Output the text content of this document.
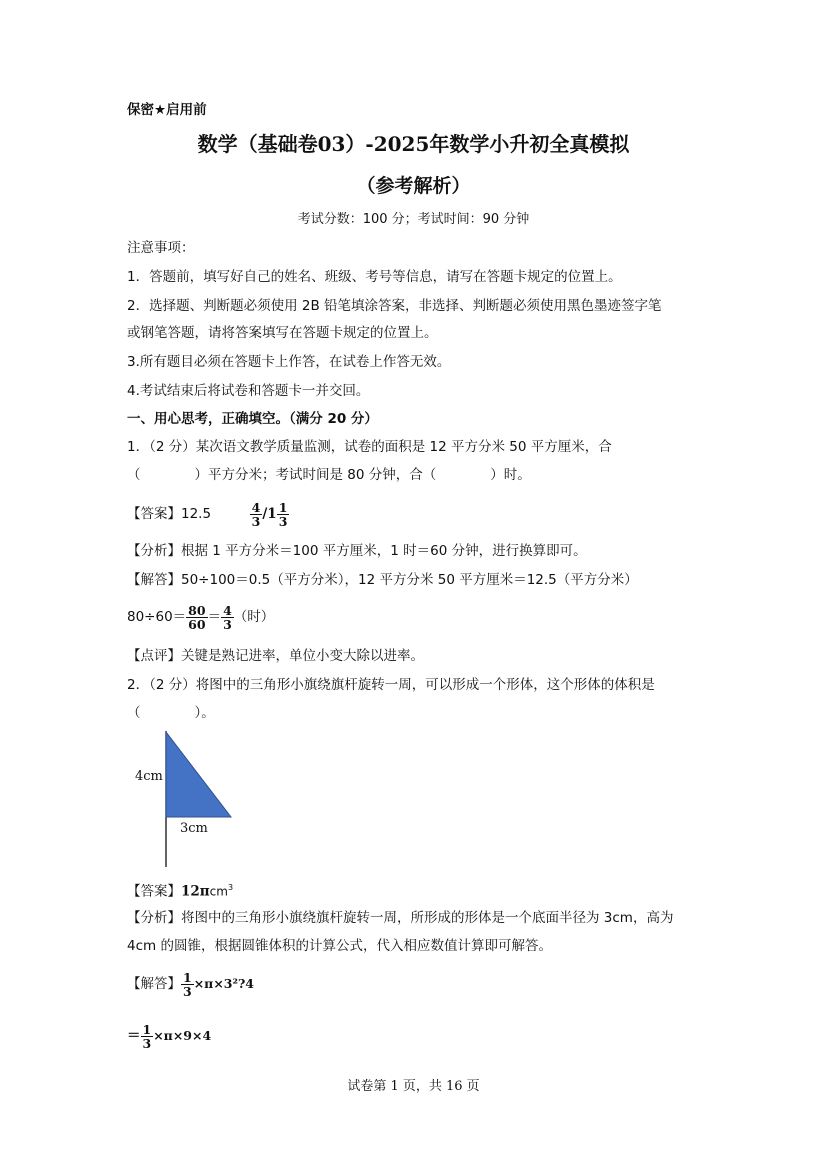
保密★启用前
数学（基础卷03）-2025年数学小升初全真模拟
（参考解析）
考试分数：100 分；考试时间：90 分钟
注意事项：
1．答题前，填写好自己的姓名、班级、考号等信息，请写在答题卡规定的位置上。
2．选择题、判断题必须使用 2B 铅笔填涂答案，非选择、判断题必须使用黑色墨迹签字笔
或钢笔答题，请将答案填写在答题卡规定的位置上。
3.所有题目必须在答题卡上作答，在试卷上作答无效。
4.考试结束后将试卷和答题卡一并交回。
一、用心思考，正确填空。（满分 20 分）
1．（2 分）某次语文教学质量监测，试卷的面积是 12 平方分米 50 平方厘米，合
（　　　　）平方分米；考试时间是 80 分钟，合（　　　　）时。
【答案】12.5	$\frac{4}{3} /1 \frac{1}{3}$
【分析】根据 1 平方分米＝100 平方厘米，1 时＝60 分钟，进行换算即可。
【解答】50÷100＝0.5（平方分米），12 平方分米 50 平方厘米＝12.5（平方分米）
$80\div 60= \frac{80}{60} = \frac{4}{3}$ （时）
【点评】关键是熟记进率，单位小变大除以进率。
2．（2 分）将图中的三角形小旗绕旗杆旋转一周，可以形成一个形体，这个形体的体积是
（　　　　）。
4cm
3cm
【答案】12πcm$^3$
【分析】将图中的三角形小旗绕旗杆旋转一周，所形成的形体是一个底面半径为 3cm，高为
4cm 的圆锥，根据圆锥体积的计算公式，代入相应数值计算即可解答。
【解答】 $\frac{1}{3}$ ×π×3²?4
＝ $\frac{1}{3} \times\pi\times 9\times 4$
试卷第 1 页，共 16 页
